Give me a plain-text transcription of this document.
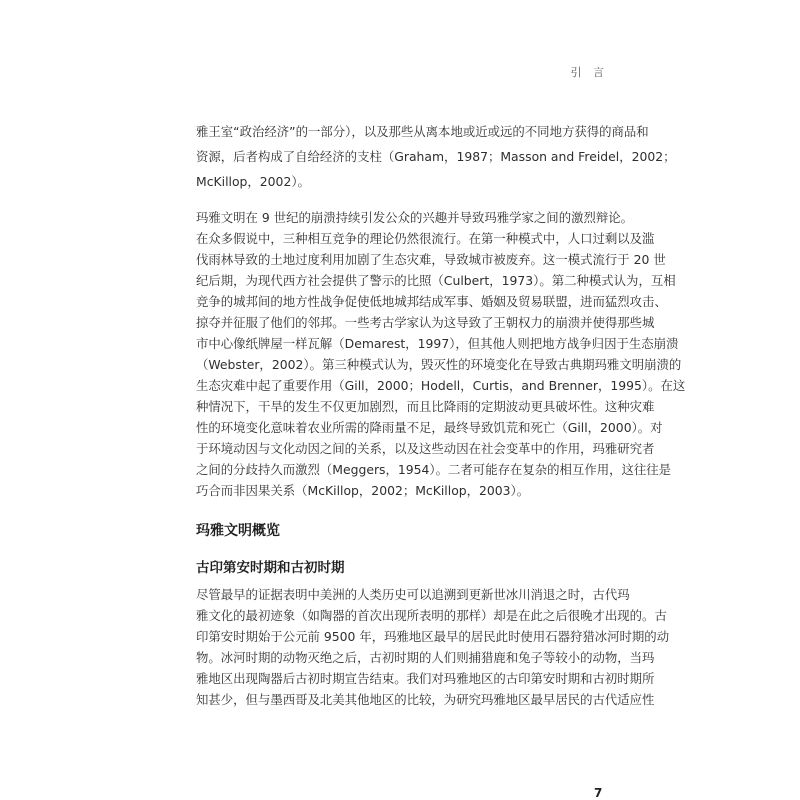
引 言
雅王室“政治经济”的一部分），以及那些从离本地或近或远的不同地方获得的商品和
资源，后者构成了自给经济的支柱（Graham，1987；Masson and Freidel，2002；
McKillop，2002）。
玛雅文明在 9 世纪的崩溃持续引发公众的兴趣并导致玛雅学家之间的激烈辩论。
在众多假说中，三种相互竞争的理论仍然很流行。在第一种模式中，人口过剩以及滥
伐雨林导致的土地过度利用加剧了生态灾难，导致城市被废弃。这一模式流行于 20 世
纪后期，为现代西方社会提供了警示的比照（Culbert，1973）。第二种模式认为，互相
竞争的城邦间的地方性战争促使低地城邦结成军事、婚姻及贸易联盟，进而猛烈攻击、
掠夺并征服了他们的邻邦。一些考古学家认为这导致了王朝权力的崩溃并使得那些城
市中心像纸牌屋一样瓦解（Demarest，1997），但其他人则把地方战争归因于生态崩溃
（Webster，2002）。第三种模式认为，毁灭性的环境变化在导致古典期玛雅文明崩溃的
生态灾难中起了重要作用（Gill，2000；Hodell，Curtis，and Brenner，1995）。在这
种情况下，干旱的发生不仅更加剧烈，而且比降雨的定期波动更具破坏性。这种灾难
性的环境变化意味着农业所需的降雨量不足，最终导致饥荒和死亡（Gill，2000）。对
于环境动因与文化动因之间的关系，以及这些动因在社会变革中的作用，玛雅研究者
之间的分歧持久而激烈（Meggers，1954）。二者可能存在复杂的相互作用，这往往是
巧合而非因果关系（McKillop，2002；McKillop，2003）。
玛雅文明概览
古印第安时期和古初时期
尽管最早的证据表明中美洲的人类历史可以追溯到更新世冰川消退之时，古代玛
雅文化的最初迹象（如陶器的首次出现所表明的那样）却是在此之后很晚才出现的。古
印第安时期始于公元前 9500 年，玛雅地区最早的居民此时使用石器狩猎冰河时期的动
物。冰河时期的动物灭绝之后，古初时期的人们则捕猎鹿和兔子等较小的动物，当玛
雅地区出现陶器后古初时期宣告结束。我们对玛雅地区的古印第安时期和古初时期所
知甚少，但与墨西哥及北美其他地区的比较，为研究玛雅地区最早居民的古代适应性
7
